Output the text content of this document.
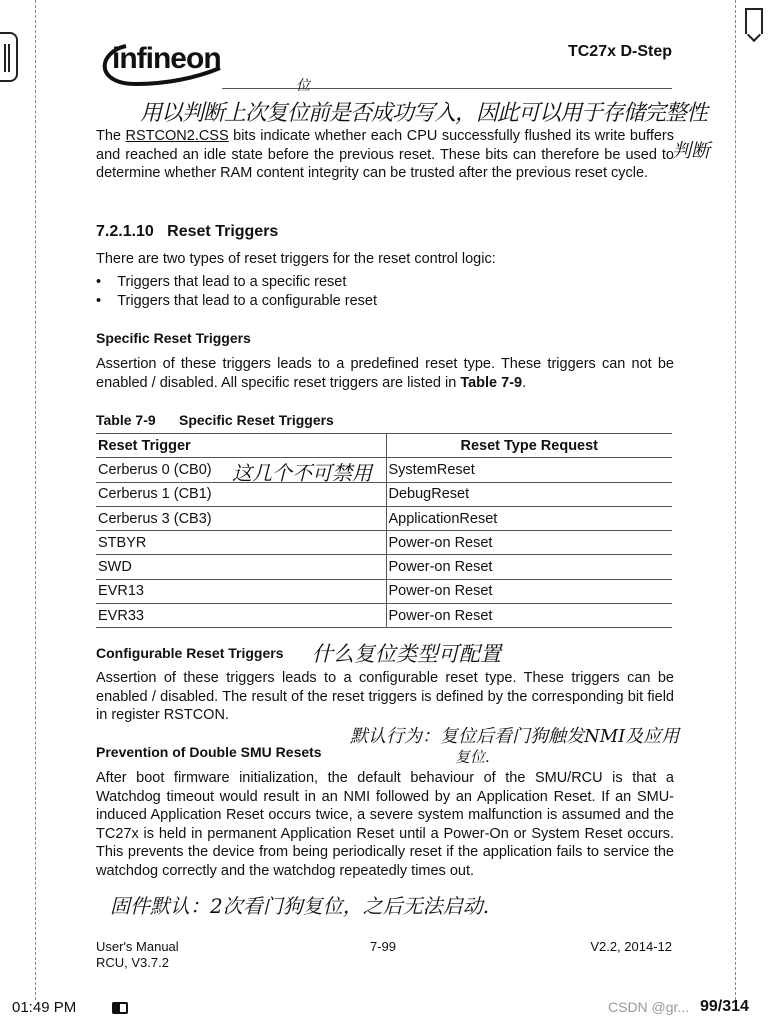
infineon	TC27x D-Step
用以判断上次复位前是否成功写入，因此可以用于存储完整性
位
判断

The RSTCON2.CSS bits indicate whether each CPU successfully flushed its write buffers and reached an idle state before the previous reset. These bits can therefore be used to determine whether RAM content integrity can be trusted after the previous reset cycle.

7.2.1.10 Reset Triggers

There are two types of reset triggers for the reset control logic:

•    Triggers that lead to a specific reset
•    Triggers that lead to a configurable reset
Specific Reset Triggers

Assertion of these triggers leads to a predefined reset type. These triggers can not be enabled / disabled. All specific reset triggers are listed in Table 7-9.

Table 7-9 Specific Reset Triggers
Reset Trigger	Reset Type Request
Cerberus 0 (CB0)	SystemReset
Cerberus 1 (CB1)	DebugReset
Cerberus 3 (CB3)	ApplicationReset
STBYR	Power-on Reset
SWD	Power-on Reset
EVR13	Power-on Reset
EVR33	Power-on Reset
这几个不可禁用
Configurable Reset Triggers 什么复位类型可配置

Assertion of these triggers leads to a configurable reset type. These triggers can be enabled / disabled. The result of the reset triggers is defined by the corresponding bit field in register RSTCON.

默认行为：复位后看门狗触发NMI及应用
复位.
Prevention of Double SMU Resets

After boot firmware initialization, the default behaviour of the SMU/RCU is that a Watchdog timeout would result in an NMI followed by an Application Reset. If an SMU-induced Application Reset occurs twice, a severe system malfunction is assumed and the TC27x is held in permanent Application Reset until a Power-On or System Reset occurs. This prevents the device from being periodically reset if the application fails to service the watchdog correctly and the watchdog repeatedly times out.

固件默认：2次看门狗复位，之后无法启动.
User's Manual
RCU, V3.7.2
7-99	V2.2, 2014-12
01:49 PM	CSDN @gr... 99/314
